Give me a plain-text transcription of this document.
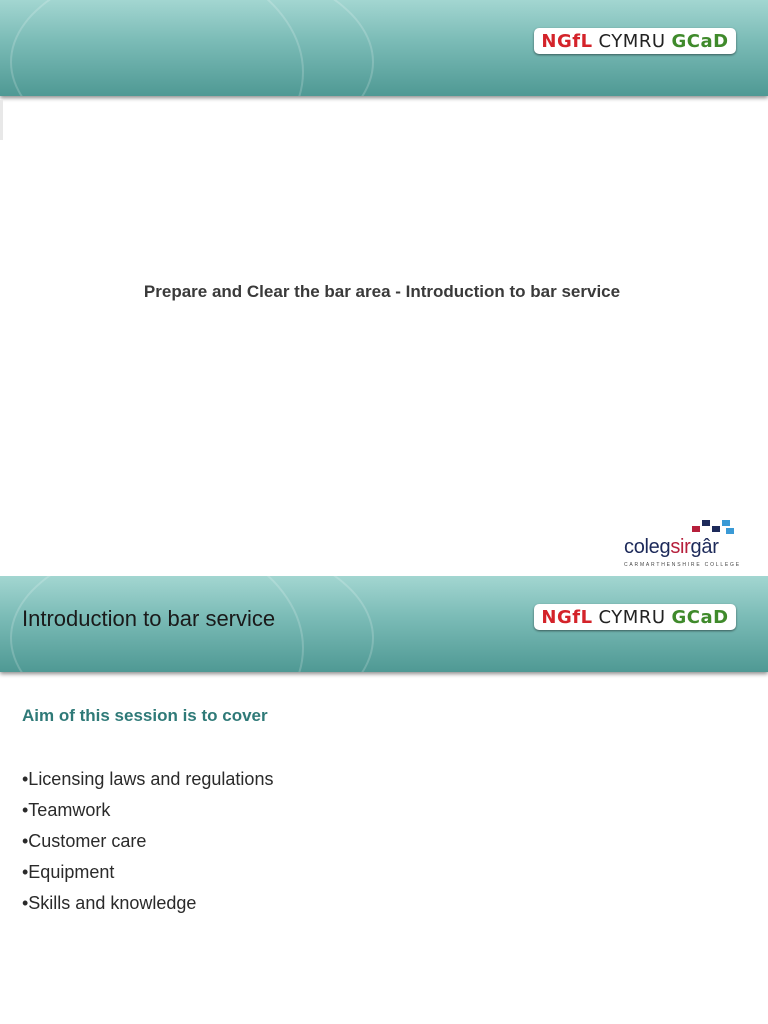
NGfL CYMRU GCaD
Prepare and Clear the bar area - Introduction to bar service
colegsirgâr
CARMARTHENSHIRE COLLEGE
Introduction to bar service	NGfL CYMRU GCaD
Aim of this session is to cover
•Licensing laws and regulations
•Teamwork
•Customer care
•Equipment
•Skills and knowledge
